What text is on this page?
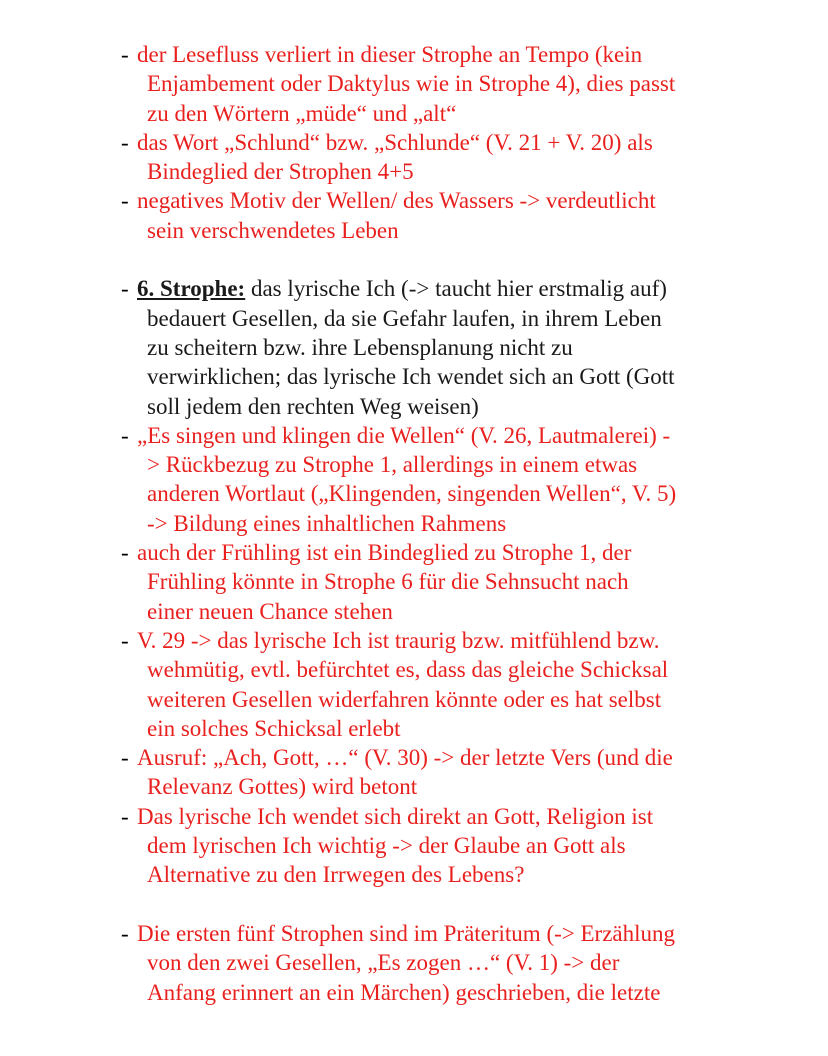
- der Lesefluss verliert in dieser Strophe an Tempo (kein
Enjambement oder Daktylus wie in Strophe 4), dies passt
zu den Wörtern „müde“ und „alt“
- das Wort „Schlund“ bzw. „Schlunde“ (V. 21 + V. 20) als
Bindeglied der Strophen 4+5
- negatives Motiv der Wellen/ des Wassers -> verdeutlicht
sein verschwendetes Leben
- 6. Strophe: das lyrische Ich (-> taucht hier erstmalig auf)
bedauert Gesellen, da sie Gefahr laufen, in ihrem Leben
zu scheitern bzw. ihre Lebensplanung nicht zu
verwirklichen; das lyrische Ich wendet sich an Gott (Gott
soll jedem den rechten Weg weisen)
- „Es singen und klingen die Wellen“ (V. 26, Lautmalerei) -
> Rückbezug zu Strophe 1, allerdings in einem etwas
anderen Wortlaut („Klingenden, singenden Wellen“, V. 5)
-> Bildung eines inhaltlichen Rahmens
- auch der Frühling ist ein Bindeglied zu Strophe 1, der
Frühling könnte in Strophe 6 für die Sehnsucht nach
einer neuen Chance stehen
- V. 29 -> das lyrische Ich ist traurig bzw. mitfühlend bzw.
wehmütig, evtl. befürchtet es, dass das gleiche Schicksal
weiteren Gesellen widerfahren könnte oder es hat selbst
ein solches Schicksal erlebt
- Ausruf: „Ach, Gott, …“ (V. 30) -> der letzte Vers (und die
Relevanz Gottes) wird betont
- Das lyrische Ich wendet sich direkt an Gott, Religion ist
dem lyrischen Ich wichtig -> der Glaube an Gott als
Alternative zu den Irrwegen des Lebens?
- Die ersten fünf Strophen sind im Präteritum (-> Erzählung
von den zwei Gesellen, „Es zogen …“ (V. 1) -> der
Anfang erinnert an ein Märchen) geschrieben, die letzte
